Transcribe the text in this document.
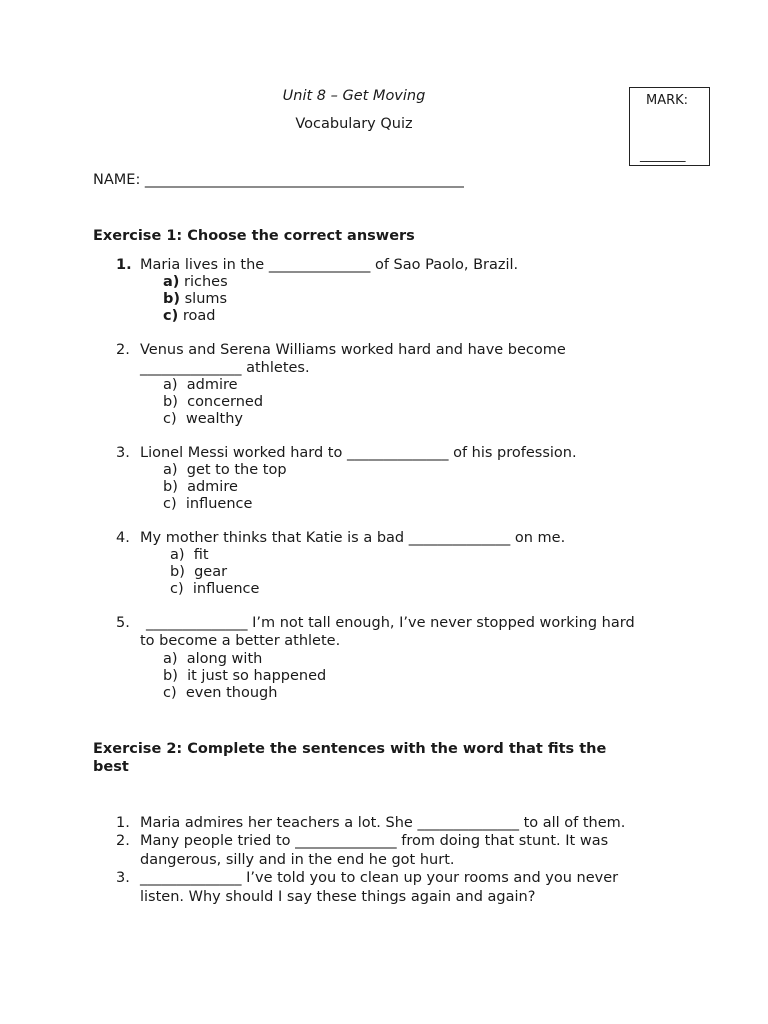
Unit 8 – Get Moving
Vocabulary Quiz
MARK:
_______
NAME: ____________________________________________
Exercise 1: Choose the correct answers
1. Maria lives in the ______________ of Sao Paolo, Brazil.
a) riches
b) slums
c) road
2. Venus and Serena Williams worked hard and have become
______________ athletes.
a) admire
b) concerned
c) wealthy
3. Lionel Messi worked hard to ______________ of his profession.
a) get to the top
b) admire
c) influence
4. My mother thinks that Katie is a bad ______________ on me.
a) fit
b) gear
c) influence
5. ______________ I’m not tall enough, I’ve never stopped working hard
to become a better athlete.
a) along with
b) it just so happened
c) even though
Exercise 2: Complete the sentences with the word that fits the
best
1. Maria admires her teachers a lot. She ______________ to all of them.
2. Many people tried to ______________ from doing that stunt. It was
dangerous, silly and in the end he got hurt.
3. ______________ I’ve told you to clean up your rooms and you never
listen. Why should I say these things again and again?
